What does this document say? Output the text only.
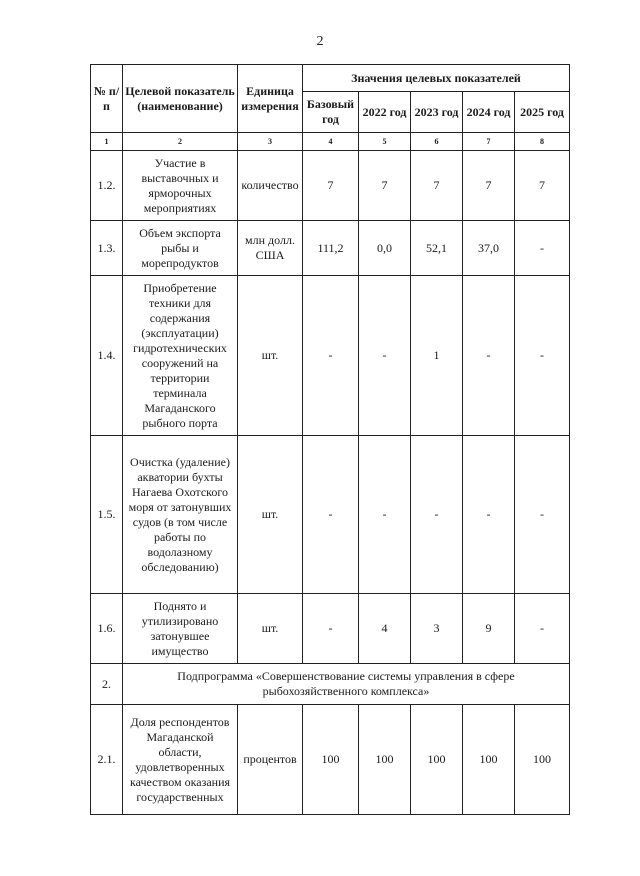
2
№ п/п	Целевой показатель (наименование)	Единица измерения	Значения целевых показателей				
			Базовый год	2022 год	2023 год	2024 год	2025 год
1	2	3	4	5	6	7	8
1.2.	Участие в выставочных и ярморочных мероприятиях	количество	7	7	7	7	7
1.3.	Объем экспорта рыбы и морепродуктов	млн долл. США	111,2	0,0	52,1	37,0	-
1.4.	Приобретение техники для содержания (эксплуатации) гидротехнических сооружений на территории терминала Магаданского рыбного порта	шт.	-	-	1	-	-
1.5.	Очистка (удаление) акватории бухты Нагаева Охотского моря от затонувших судов (в том числе работы по водолазному обследованию)	шт.	-	-	-	-	-
1.6.	Поднято и утилизировано затонувшее имущество	шт.	-	4	3	9	-
2.	Подпрограмма «Совершенствование системы управления в сфере рыбохозяйственного комплекса»						
2.1.	Доля респондентов Магаданской области, удовлетворенных качеством оказания государственных	процентов	100	100	100	100	100
